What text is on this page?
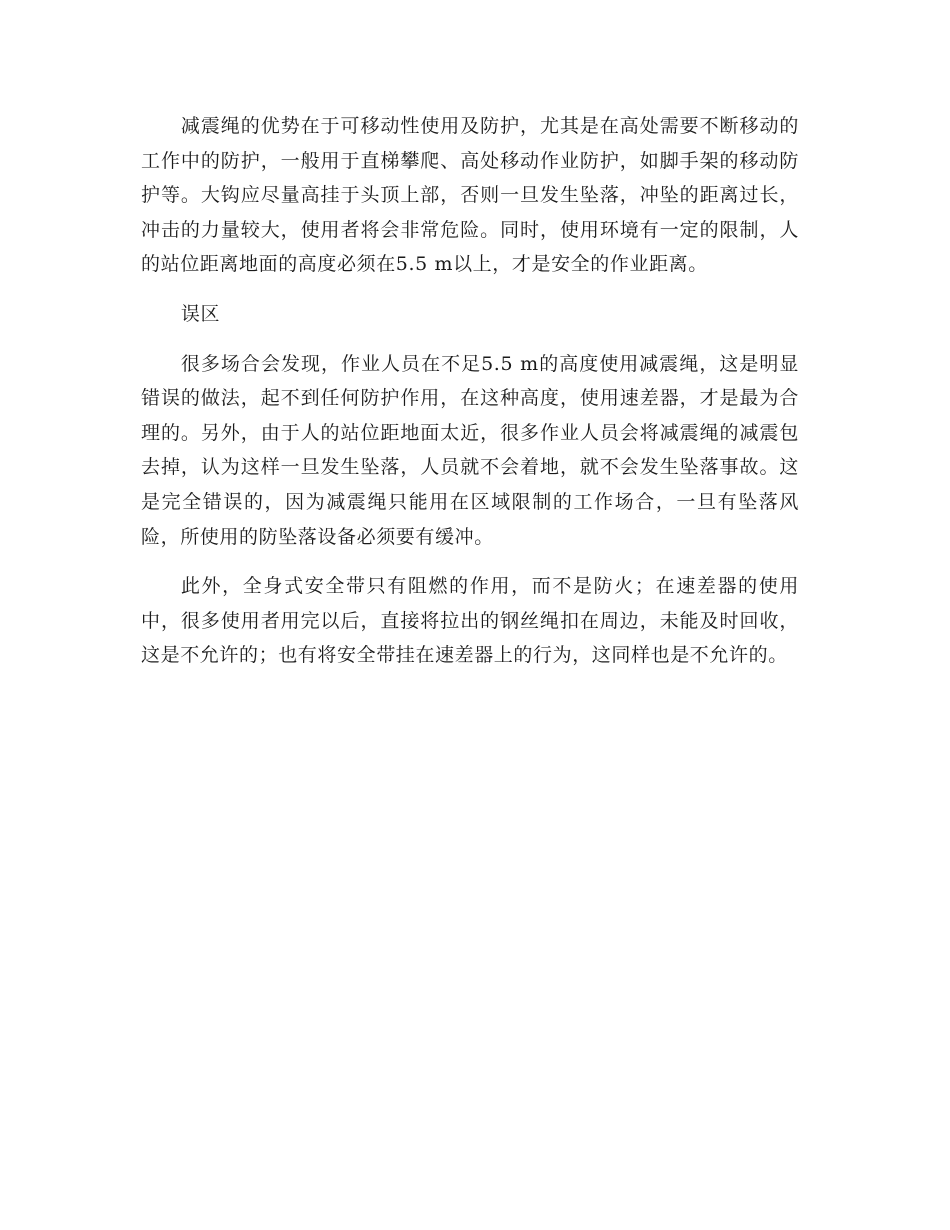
减震绳的优势在于可移动性使用及防护，尤其是在高处需要不断移动的工作中的防护，一般用于直梯攀爬、高处移动作业防护，如脚手架的移动防护等。大钩应尽量高挂于头顶上部，否则一旦发生坠落，冲坠的距离过长，冲击的力量较大，使用者将会非常危险。同时，使用环境有一定的限制，人的站位距离地面的高度必须在5.5 m以上，才是安全的作业距离。

误区

很多场合会发现，作业人员在不足5.5 m的高度使用减震绳，这是明显错误的做法，起不到任何防护作用，在这种高度，使用速差器，才是最为合理的。另外，由于人的站位距地面太近，很多作业人员会将减震绳的减震包去掉，认为这样一旦发生坠落，人员就不会着地，就不会发生坠落事故。这是完全错误的，因为减震绳只能用在区域限制的工作场合，一旦有坠落风险，所使用的防坠落设备必须要有缓冲。

此外，全身式安全带只有阻燃的作用，而不是防火；在速差器的使用中，很多使用者用完以后，直接将拉出的钢丝绳扣在周边，未能及时回收，这是不允许的；也有将安全带挂在速差器上的行为，这同样也是不允许的。
